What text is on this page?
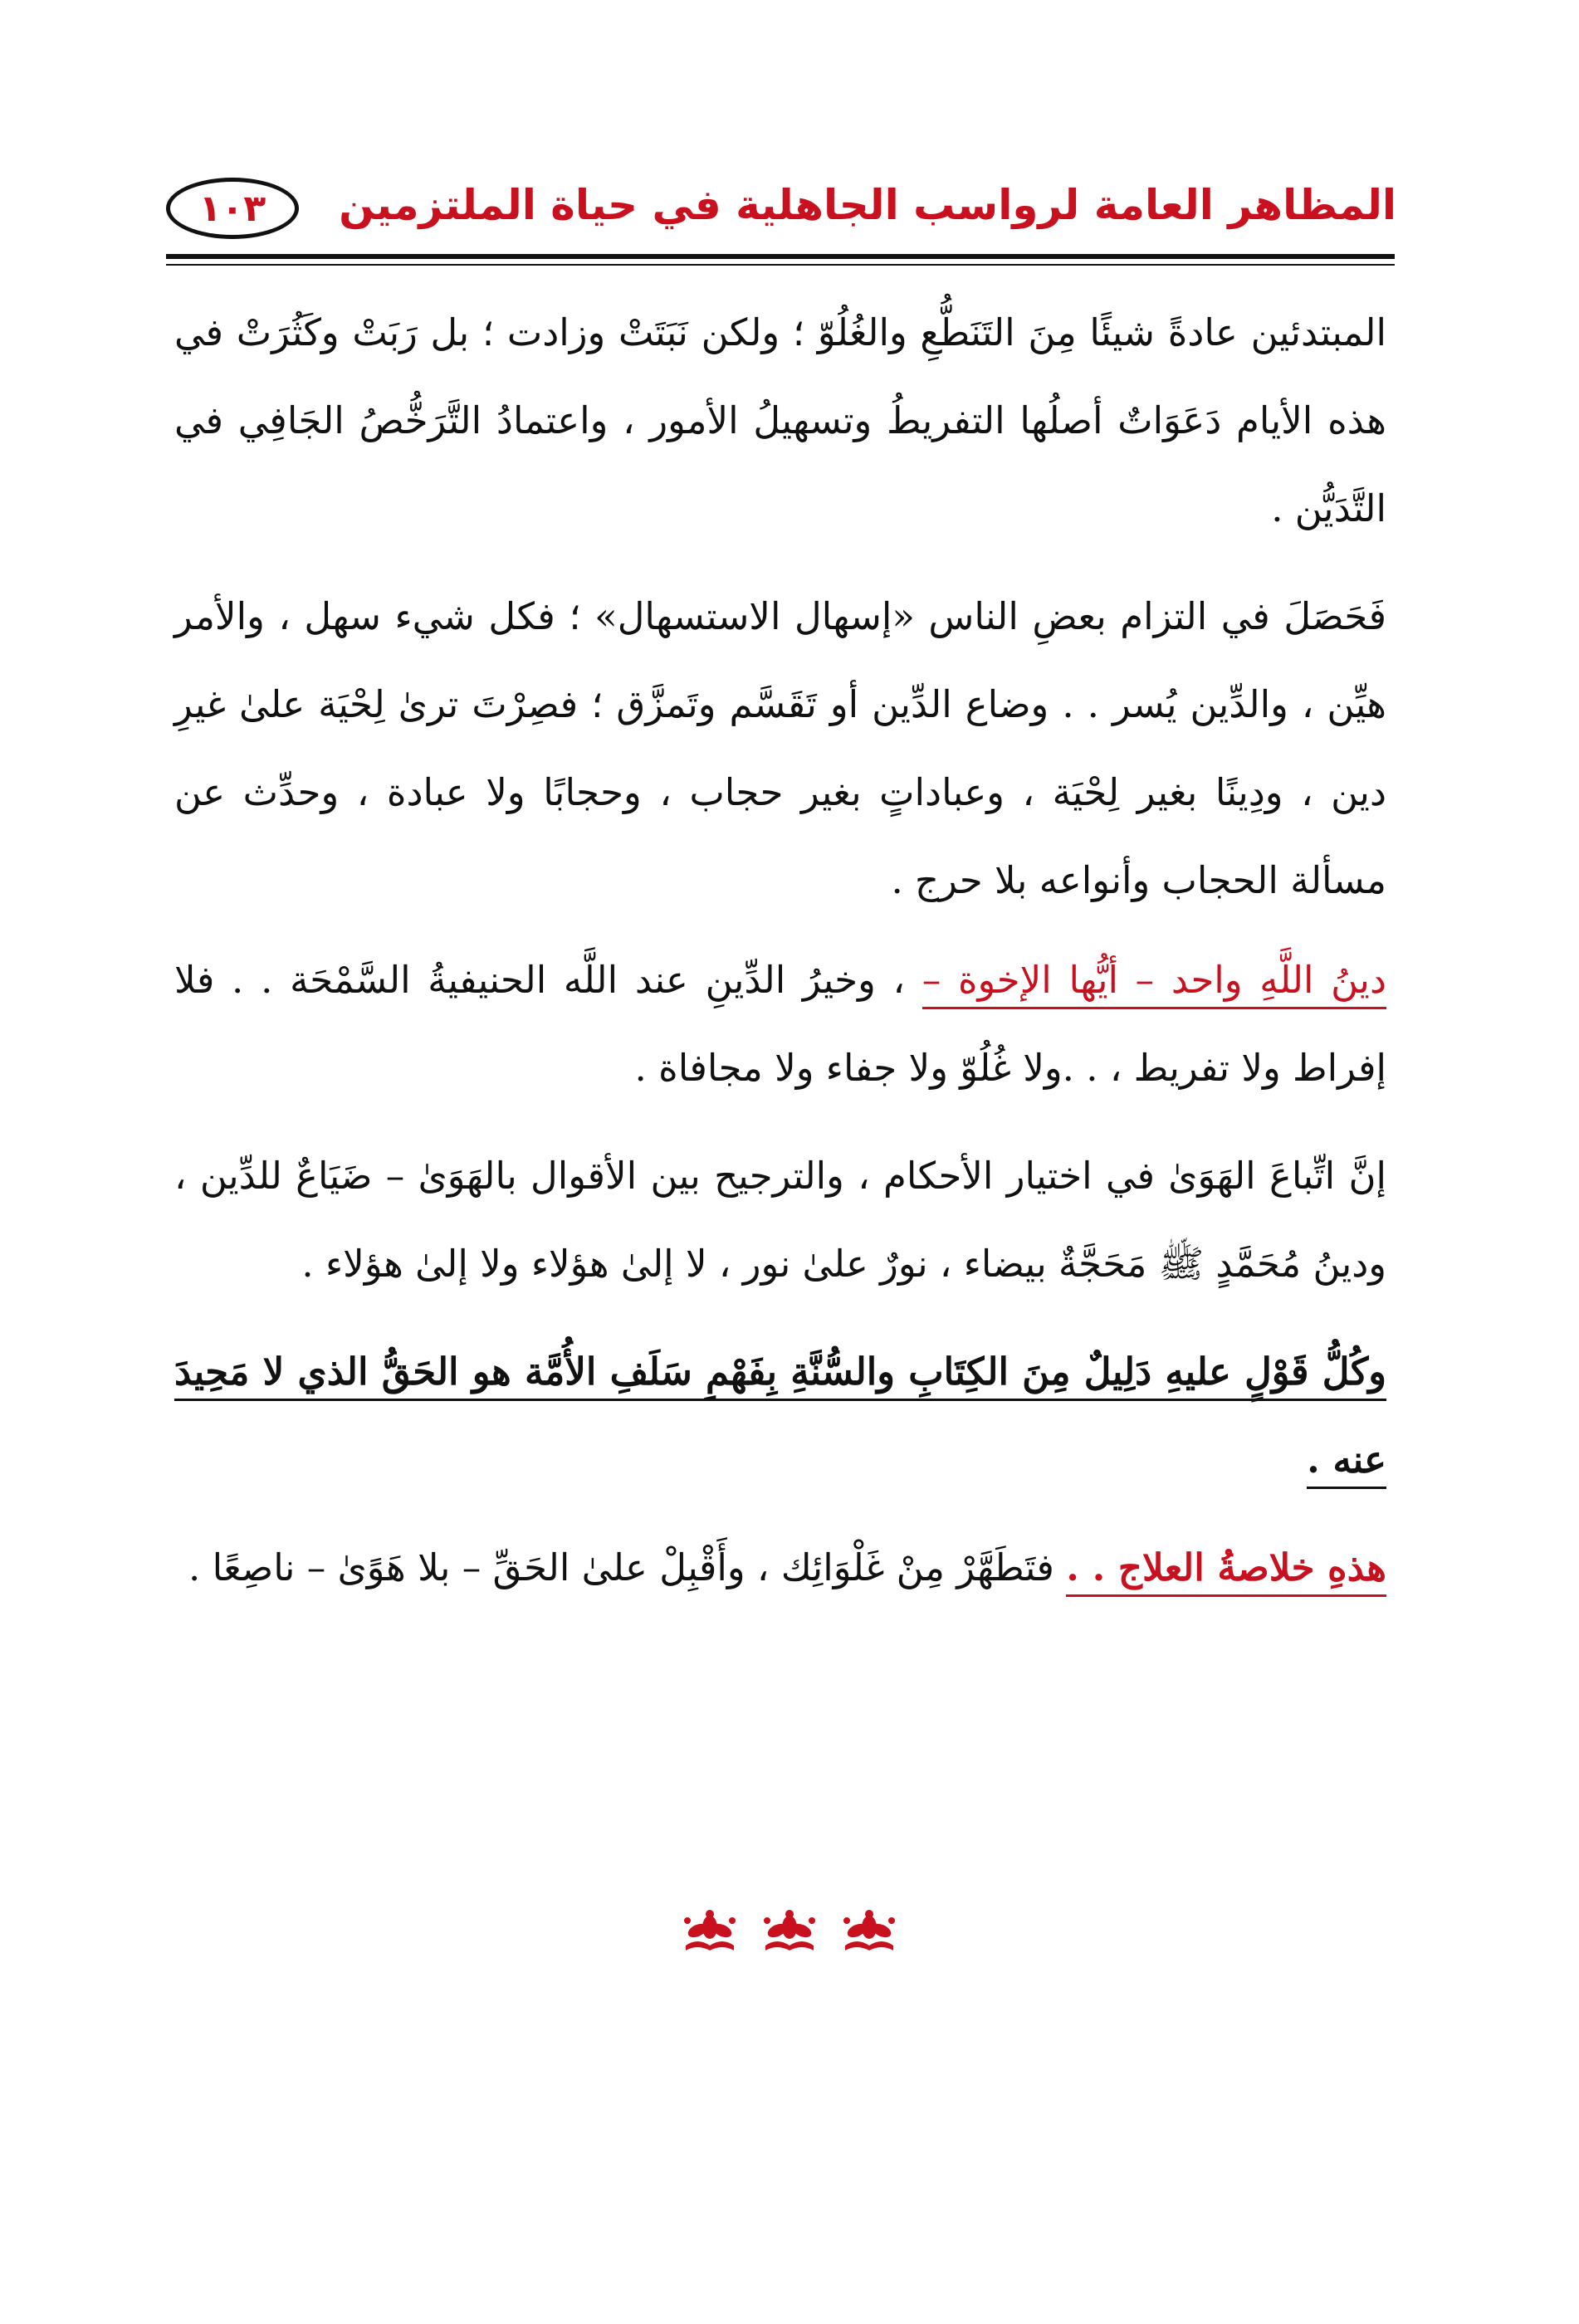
المظاهر العامة لرواسب الجاهلية في حياة الملتزمين
١٠٣

المبتدئين عادةً شيئًا مِنَ التَنَطُّعِ والغُلُوّ ؛ ولكن نَبَتَتْ وزادت ؛ بل رَبَتْ وكَثُرَتْ في هذه الأيام دَعَوَاتٌ أصلُها التفريطُ وتسهيلُ الأمور ، واعتمادُ التَّرَخُّصُ الجَافِي في التَّدَيُّن .

فَحَصَلَ في التزام بعضِ الناس «إسهال الاستسهال» ؛ فكل شيء سهل ، والأمر هيِّن ، والدِّين يُسر . . وضاع الدِّين أو تَقَسَّم وتَمزَّق ؛ فصِرْتَ ترىٰ لِحْيَة علىٰ غيرِ دين ، ودِينًا بغير لِحْيَة ، وعباداتٍ بغير حجاب ، وحجابًا ولا عبادة ، وحدِّث عن مسألة الحجاب وأنواعه بلا حرج .

دينُ اللَّهِ واحد – أيُّها الإخوة – ، وخيرُ الدِّينِ عند اللَّه الحنيفيةُ السَّمْحَة . . فلا إفراط ولا تفريط ، . .ولا غُلُوّ ولا جفاء ولا مجافاة .

إنَّ اتِّباعَ الهَوَىٰ في اختيار الأحكام ، والترجيح بين الأقوال بالهَوَىٰ – ضَيَاعٌ للدِّين ، ودينُ مُحَمَّدٍ ﷺ مَحَجَّةٌ بيضاء ، نورٌ علىٰ نور ، لا إلىٰ هؤلاء ولا إلىٰ هؤلاء .

وكُلُّ قَوْلٍ عليهِ دَلِيلٌ مِنَ الكِتَابِ والسُّنَّةِ بِفَهْمِ سَلَفِ الأُمَّة هو الحَقُّ الذي لا مَحِيدَ عنه .

هذهِ خلاصةُ العلاج . . فتَطَهَّرْ مِنْ غَلْوَائِك ، وأَقْبِلْ علىٰ الحَقِّ – بلا هَوًىٰ – ناصِعًا .
